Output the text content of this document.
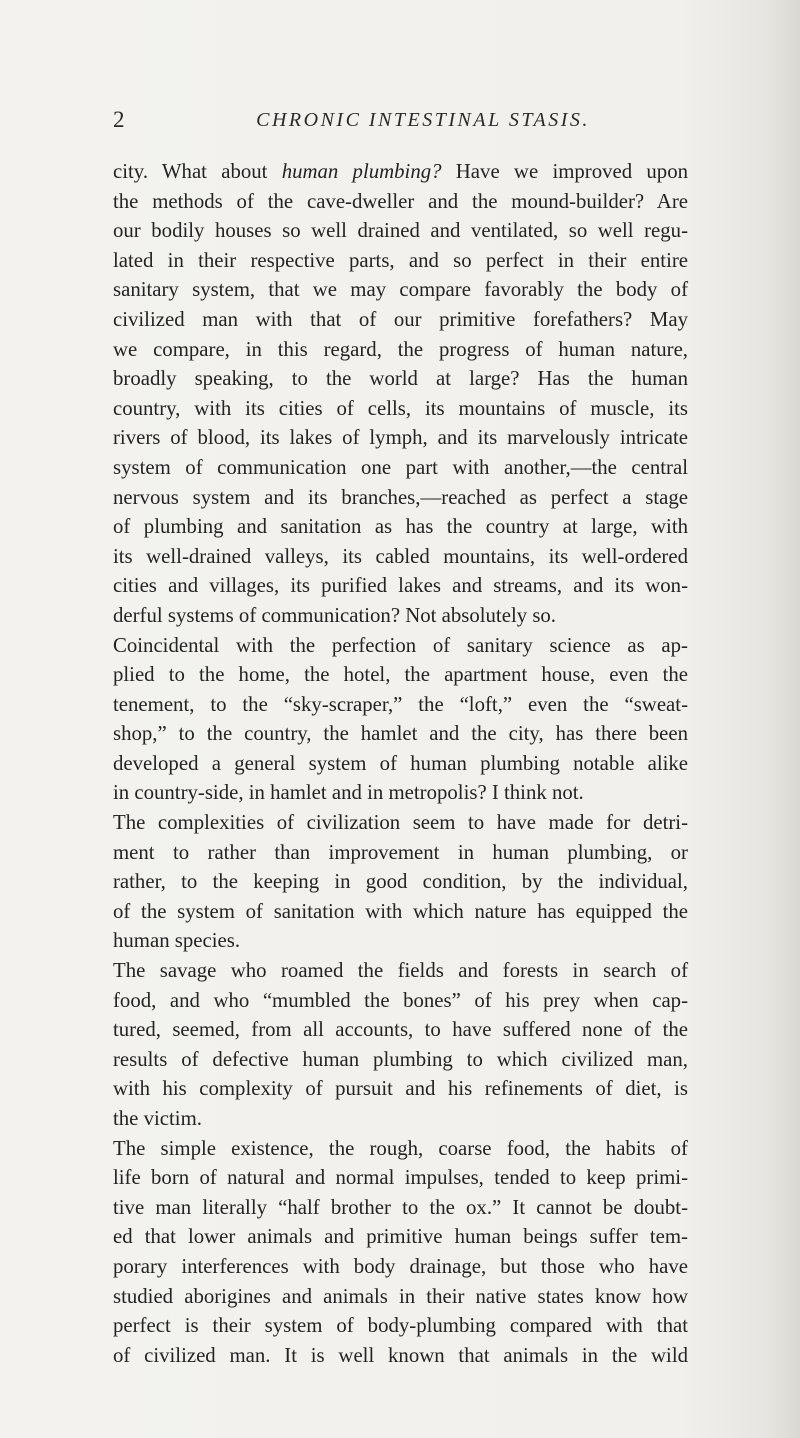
2	CHRONIC INTESTINAL STASIS.
city. What about human plumbing? Have we improved upon
the methods of the cave-dweller and the mound-builder? Are
our bodily houses so well drained and ventilated, so well regu-
lated in their respective parts, and so perfect in their entire
sanitary system, that we may compare favorably the body of
civilized man with that of our primitive forefathers? May
we compare, in this regard, the progress of human nature,
broadly speaking, to the world at large? Has the human
country, with its cities of cells, its mountains of muscle, its
rivers of blood, its lakes of lymph, and its marvelously intricate
system of communication one part with another,—the central
nervous system and its branches,—reached as perfect a stage
of plumbing and sanitation as has the country at large, with
its well-drained valleys, its cabled mountains, its well-ordered
cities and villages, its purified lakes and streams, and its won-
derful systems of communication? Not absolutely so.
Coincidental with the perfection of sanitary science as ap-
plied to the home, the hotel, the apartment house, even the
tenement, to the “sky-scraper,” the “loft,” even the “sweat-
shop,” to the country, the hamlet and the city, has there been
developed a general system of human plumbing notable alike
in country-side, in hamlet and in metropolis? I think not.
The complexities of civilization seem to have made for detri-
ment to rather than improvement in human plumbing, or
rather, to the keeping in good condition, by the individual,
of the system of sanitation with which nature has equipped the
human species.
The savage who roamed the fields and forests in search of
food, and who “mumbled the bones” of his prey when cap-
tured, seemed, from all accounts, to have suffered none of the
results of defective human plumbing to which civilized man,
with his complexity of pursuit and his refinements of diet, is
the victim.
The simple existence, the rough, coarse food, the habits of
life born of natural and normal impulses, tended to keep primi-
tive man literally “half brother to the ox.” It cannot be doubt-
ed that lower animals and primitive human beings suffer tem-
porary interferences with body drainage, but those who have
studied aborigines and animals in their native states know how
perfect is their system of body-plumbing compared with that
of civilized man. It is well known that animals in the wild
